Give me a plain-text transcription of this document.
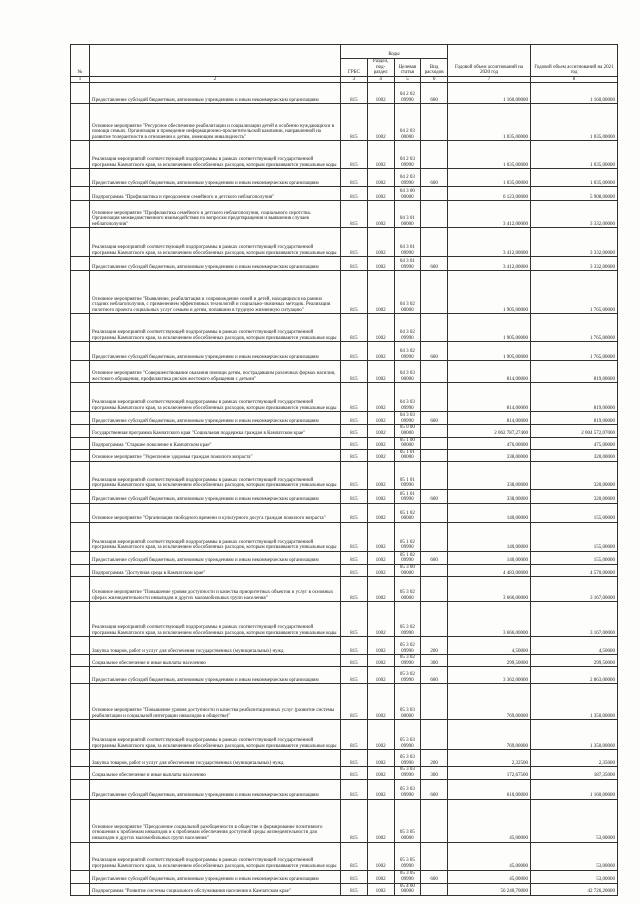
№		Коды				Годовой объем ассигнований на 2020 год	Годовой объем ассигнований на 2021 год
		ГРБС	Раздел, под-раздел	Целевая статья	Вид расходов		
1	2	3	4	5	6	7	8
	Предоставление субсидий бюджетным, автономным учреждениям и иным некоммерческим организациям	815	1002	04 2 02 09990	600	1 160,00000	1 160,00000
	Основное мероприятие "Ресурсное обеспечение реабилитации и социализации детей в особенно нуждающихся в помощи семьях. Организация и проведение информационно-просветительской кампании, направленной на развитие толерантности в отношении к детям, имеющим инвалидность"	815	1002	04 2 03 00000		1 035,00000	1 035,00000
	Реализация мероприятий соответствующей подпрограммы в рамках соответствующей государственной программы Камчатского края, за исключением обособленных расходов, которым присваиваются уникальные коды	815	1002	04 2 03 09990		1 035,00000	1 035,00000
	Предоставление субсидий бюджетным, автономным учреждениям и иным некоммерческим организациям	815	1002	04 2 03 09990	600	1 035,00000	1 035,00000
	Подпрограмма "Профилактика и преодоление семейного и детского неблагополучия"	815	1002	04 3 00 00000		6 123,00000	5 908,00000
	Основное мероприятие "Профилактика семейного и детского неблагополучия, социального сиротства. Организация межведомственного взаимодействия по вопросам предотвращения и выявления случаев неблагополучия"	815	1002	04 3 01 00000		3 412,00000	3 332,00000
	Реализация мероприятий соответствующей подпрограммы в рамках соответствующей государственной программы Камчатского края, за исключением обособленных расходов, которым присваиваются уникальные коды	815	1002	04 3 01 09990		3 412,00000	3 332,00000
	Предоставление субсидий бюджетным, автономным учреждениям и иным некоммерческим организациям	815	1002	04 3 01 09990	600	3 412,00000	3 332,00000
	Основное мероприятие "Выявление, реабилитация и сопровождение семей и детей, находящихся на ранних стадиях неблагополучия, с применением эффективных технологий и социально-значимых методик. Реализация пилотного проекта социальных услуг семьям и детям, попавшим в трудную жизненную ситуацию"	815	1002	04 3 02 00000		1 905,00000	1 765,00000
	Реализация мероприятий соответствующей подпрограммы в рамках соответствующей государственной программы Камчатского края, за исключением обособленных расходов, которым присваиваются уникальные коды	815	1002	04 3 02 09990		1 905,00000	1 765,00000
	Предоставление субсидий бюджетным, автономным учреждениям и иным некоммерческим организациям	815	1002	04 3 02 09990	600	1 905,00000	1 765,00000
	Основное мероприятие "Совершенствование оказания помощи детям, пострадавшим различных формах насилия, жестокого обращения, профилактика рисков жестокого обращения с детьми"	815	1002	04 3 03 00000		814,00000	819,00000
	Реализация мероприятий соответствующей подпрограммы в рамках соответствующей государственной программы Камчатского края, за исключением обособленных расходов, которым присваиваются уникальные коды	815	1002	04 3 03 09990		814,00000	819,00000
	Предоставление субсидий бюджетным, автономным учреждениям и иным некоммерческим организациям	815	1002	04 3 03 09990	600	814,00000	819,00000
	Государственная программа Камчатского края "Социальная поддержка граждан в Камчатском крае"	815	1002	05 0 00 00000		2 062 787,27400	2 004 572,07000
	Подпрограмма "Старшее поколение в Камчатском крае"	815	1002	05 1 00 00000		476,00000	475,00000
	Основное мероприятие "Укрепление здоровья граждан пожилого возраста"	815	1002	05 1 01 00000		338,00000	320,00000
	Реализация мероприятий соответствующей подпрограммы в рамках соответствующей государственной программы Камчатского края, за исключением обособленных расходов, которым присваиваются уникальные коды	815	1002	05 1 01 09990		338,00000	320,00000
	Предоставление субсидий бюджетным, автономным учреждениям и иным некоммерческим организациям	815	1002	05 1 01 09990	600	338,00000	320,00000
	Основное мероприятие "Организация свободного времени и культурного досуга граждан пожилого возраста"	815	1002	05 1 02 00000		140,00000	155,00000
	Реализация мероприятий соответствующей подпрограммы в рамках соответствующей государственной программы Камчатского края, за исключением обособленных расходов, которым присваиваются уникальные коды	815	1002	05 1 02 09990		140,00000	155,00000
	Предоставление субсидий бюджетным, автономным учреждениям и иным некоммерческим организациям	815	1002	05 1 02 09990	600	140,00000	155,00000
	Подпрограмма "Доступная среда в Камчатском крае"	815	1002	05 3 00 00000		4 483,00000	4 570,00000
	Основное мероприятие "Повышение уровня доступности и качества приоритетных объектов и услуг в основных сферах жизнедеятельности инвалидов и других маломобильных групп населения"	815	1002	05 3 02 00000		3 666,00000	3 167,00000
	Реализация мероприятий соответствующей подпрограммы в рамках соответствующей государственной программы Камчатского края, за исключением обособленных расходов, которым присваиваются уникальные коды	815	1002	05 3 02 09990		3 666,00000	3 167,00000
	Закупка товаров, работ и услуг для обеспечения государственных (муниципальных) нужд	815	1002	05 3 02 09990	200	4,50000	4,50000
	Социальное обеспечение и иные выплаты населению	815	1002	05 3 02 09990	300	299,50000	299,50000
	Предоставление субсидий бюджетным, автономным учреждениям и иным некоммерческим организациям	815	1002	05 3 02 09990	600	3 362,00000	2 863,00000
	Основное мероприятие "Повышение уровня доступности и качества реабилитационных услуг (развитие системы реабилитации и социальной интеграции инвалидов в обществе)"	815	1002	05 3 03 00000		769,00000	1 350,00000
	Реализация мероприятий соответствующей подпрограммы в рамках соответствующей государственной программы Камчатского края, за исключением обособленных расходов, которым присваиваются уникальные коды	815	1002	05 3 03 09990		769,00000	1 350,00000
	Закупка товаров, работ и услуг для обеспечения государственных (муниципальных) нужд	815	1002	05 3 03 09990	200	2,32500	2,35000
	Социальное обеспечение и иные выплаты населению	815	1002	05 3 03 09990	300	172,67500	187,35000
	Предоставление субсидий бюджетным, автономным учреждениям и иным некоммерческим организациям	815	1002	05 3 03 09990	600	610,00000	1 160,00000
	Основное мероприятие "Преодоление социальной разобщенности в обществе и формирование позитивного отношения к проблемам инвалидов и к проблемам обеспечения доступной среды жизнедеятельности для инвалидов и других маломобильных групп населения"	815	1002	05 3 05 00000		45,00000	53,00000
	Реализация мероприятий соответствующей подпрограммы в рамках соответствующей государственной программы Камчатского края, за исключением обособленных расходов, которым присваиваются уникальные коды	815	1002	05 3 05 09990		45,00000	53,00000
	Предоставление субсидий бюджетным, автономным учреждениям и иным некоммерческим организациям	815	1002	05 3 05 09990	600	45,00000	53,00000
	Подпрограмма "Развитие системы социального обслуживания населения в Камчатском крае"	815	1002	05 4 00 00000		56 240,70000	42 726,20000
